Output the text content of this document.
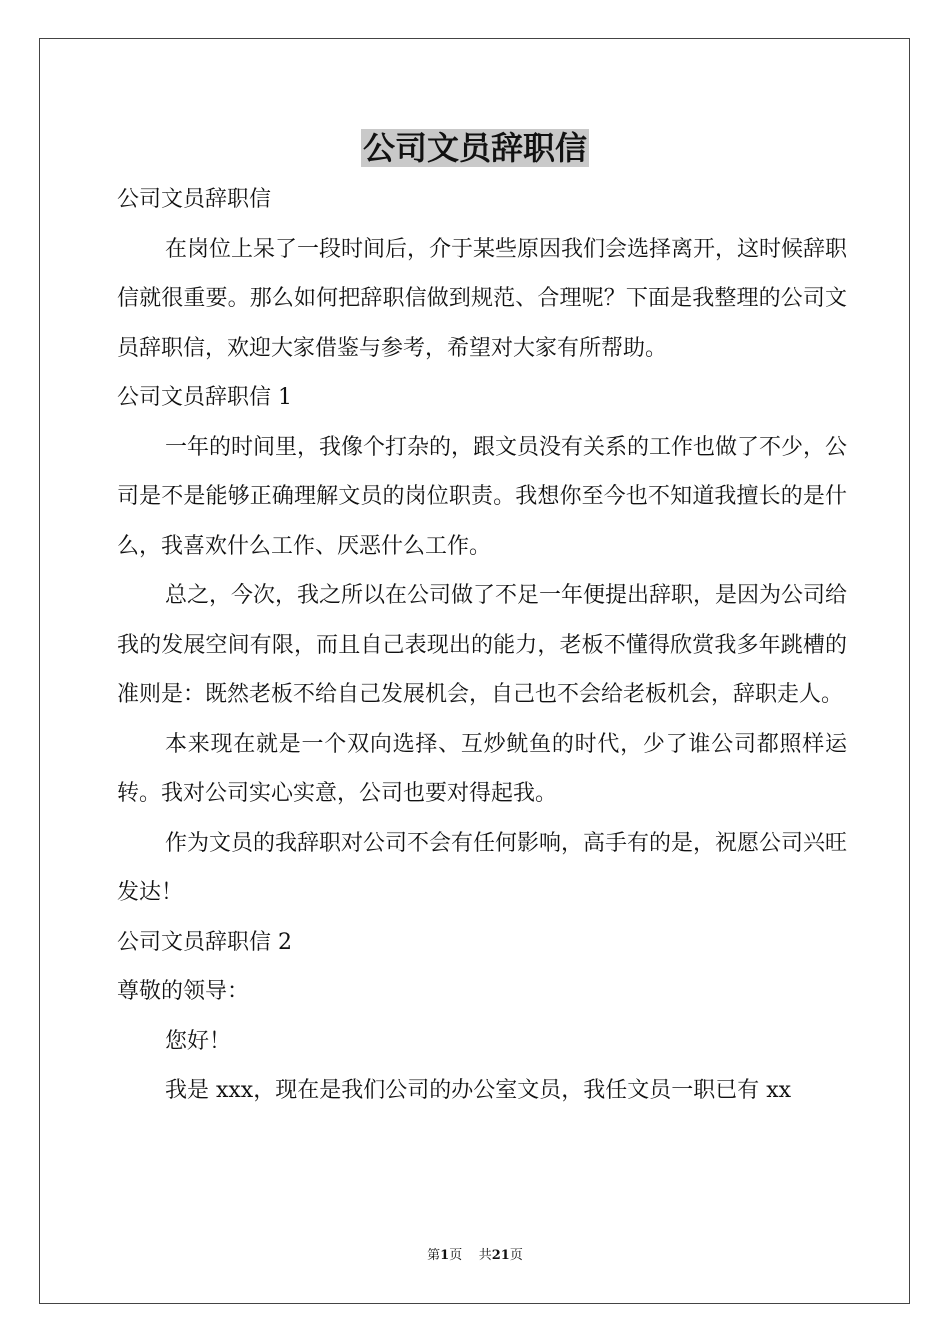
公司文员辞职信

公司文员辞职信

在岗位上呆了一段时间后，介于某些原因我们会选择离开，这时候辞职信就很重要。那么如何把辞职信做到规范、合理呢？下面是我整理的公司文员辞职信，欢迎大家借鉴与参考，希望对大家有所帮助。

公司文员辞职信 1

一年的时间里，我像个打杂的，跟文员没有关系的工作也做了不少，公司是不是能够正确理解文员的岗位职责。我想你至今也不知道我擅长的是什么，我喜欢什么工作、厌恶什么工作。

总之，今次，我之所以在公司做了不足一年便提出辞职，是因为公司给我的发展空间有限，而且自己表现出的能力，老板不懂得欣赏我多年跳槽的准则是：既然老板不给自己发展机会，自己也不会给老板机会，辞职走人。

本来现在就是一个双向选择、互炒鱿鱼的时代，少了谁公司都照样运转。我对公司实心实意，公司也要对得起我。

作为文员的我辞职对公司不会有任何影响，高手有的是，祝愿公司兴旺发达！

公司文员辞职信 2

尊敬的领导：

您好！

我是 xxx，现在是我们公司的办公室文员，我任文员一职已有 xx

第1页    共21页
